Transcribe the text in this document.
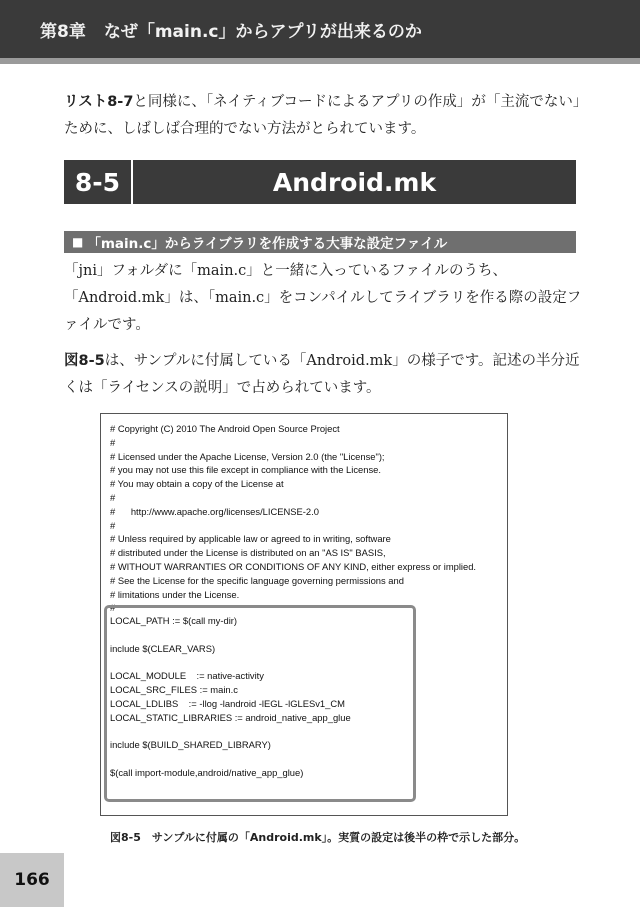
第8章 なぜ「main.c」からアプリが出来るのか

リスト8-7と同様に、「ネイティブコードによるアプリの作成」が「主流でない」ために、しばしば合理的でない方法がとられています。

8-5	Android.mk
■ 「main.c」からライブラリを作成する大事な設定ファイル

「jni」フォルダに「main.c」と一緒に入っているファイルのうち、「Android.mk」は、「main.c」をコンパイルしてライブラリを作る際の設定ファイルです。

図8-5は、サンプルに付属している「Android.mk」の様子です。記述の半分近くは「ライセンスの説明」で占められています。

# Copyright (C) 2010 The Android Open Source Project
#
# Licensed under the Apache License, Version 2.0 (the "License");
# you may not use this file except in compliance with the License.
# You may obtain a copy of the License at
#
#      http://www.apache.org/licenses/LICENSE-2.0
#
# Unless required by applicable law or agreed to in writing, software
# distributed under the License is distributed on an "AS IS" BASIS,
# WITHOUT WARRANTIES OR CONDITIONS OF ANY KIND, either express or implied.
# See the License for the specific language governing permissions and
# limitations under the License.
#
LOCAL_PATH := $(call my-dir)

include $(CLEAR_VARS)

LOCAL_MODULE    := native-activity
LOCAL_SRC_FILES := main.c
LOCAL_LDLIBS    := -llog -landroid -lEGL -lGLESv1_CM
LOCAL_STATIC_LIBRARIES := android_native_app_glue

include $(BUILD_SHARED_LIBRARY)

$(call import-module,android/native_app_glue)
図8-5　サンプルに付属の「Android.mk」。実質の設定は後半の枠で示した部分。
166
